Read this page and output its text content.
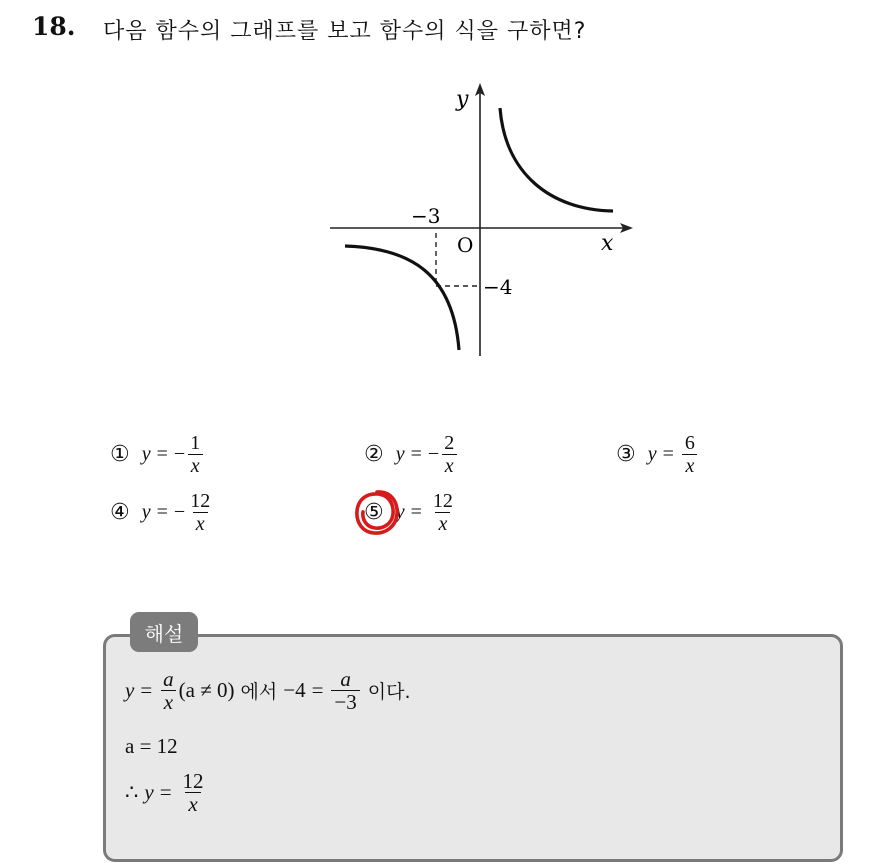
18. 다음 함수의 그래프를 보고 함수의 식을 구하면?
y
x
O
−3
−4
① y = − $\frac{1}{x}$	② y = − $\frac{2}{x}$	③ $y = \frac{6}{x}$
④ y = − $\frac{12}{x}$	⑤ $y = \frac{12}{x}$
해설
$y = \frac{a}{x} (a \ne 0)$ 에서 $-4 = \frac{a}{-3}$ 이다.
a = 12
∴ $y = \frac{12}{x}$
